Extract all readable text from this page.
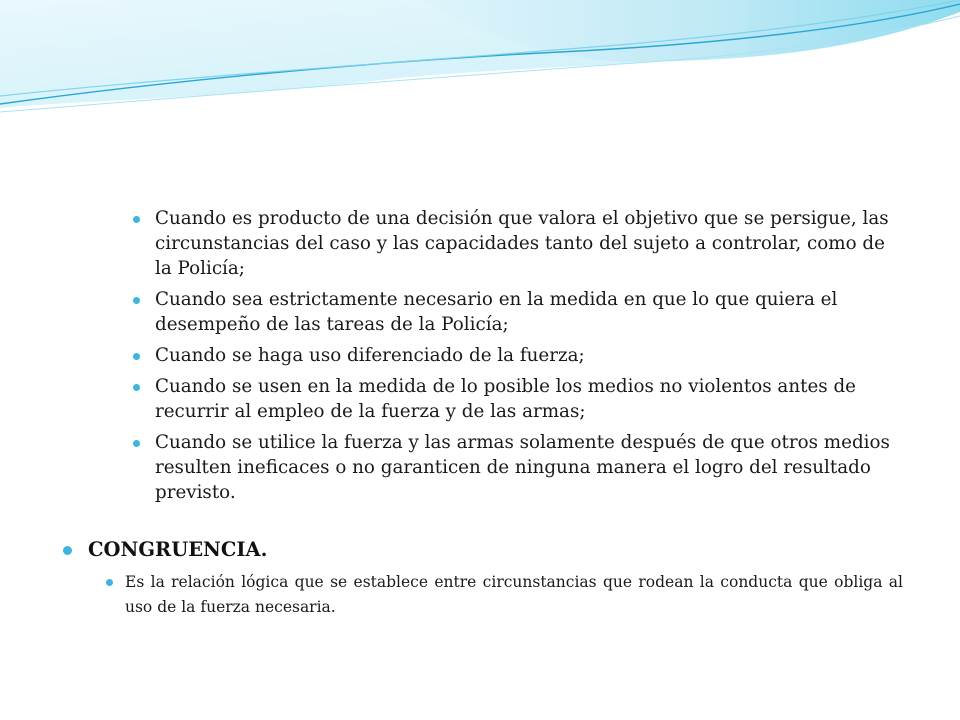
Cuando es producto de una decisión que valora el objetivo que se persigue, las circunstancias del caso y las capacidades tanto del sujeto a controlar, como de la Policía;
Cuando sea estrictamente necesario en la medida en que lo que quiera el desempeño de las tareas de la Policía;
Cuando se haga uso diferenciado de la fuerza;
Cuando se usen en la medida de lo posible los medios no violentos antes de recurrir al empleo de la fuerza y de las armas;
Cuando se utilice la fuerza y las armas solamente después de que otros medios resulten ineficaces o no garanticen de ninguna manera el logro del resultado previsto.
CONGRUENCIA.
Es la relación lógica que se establece entre circunstancias que rodean la conducta que obliga al uso de la fuerza necesaria.
